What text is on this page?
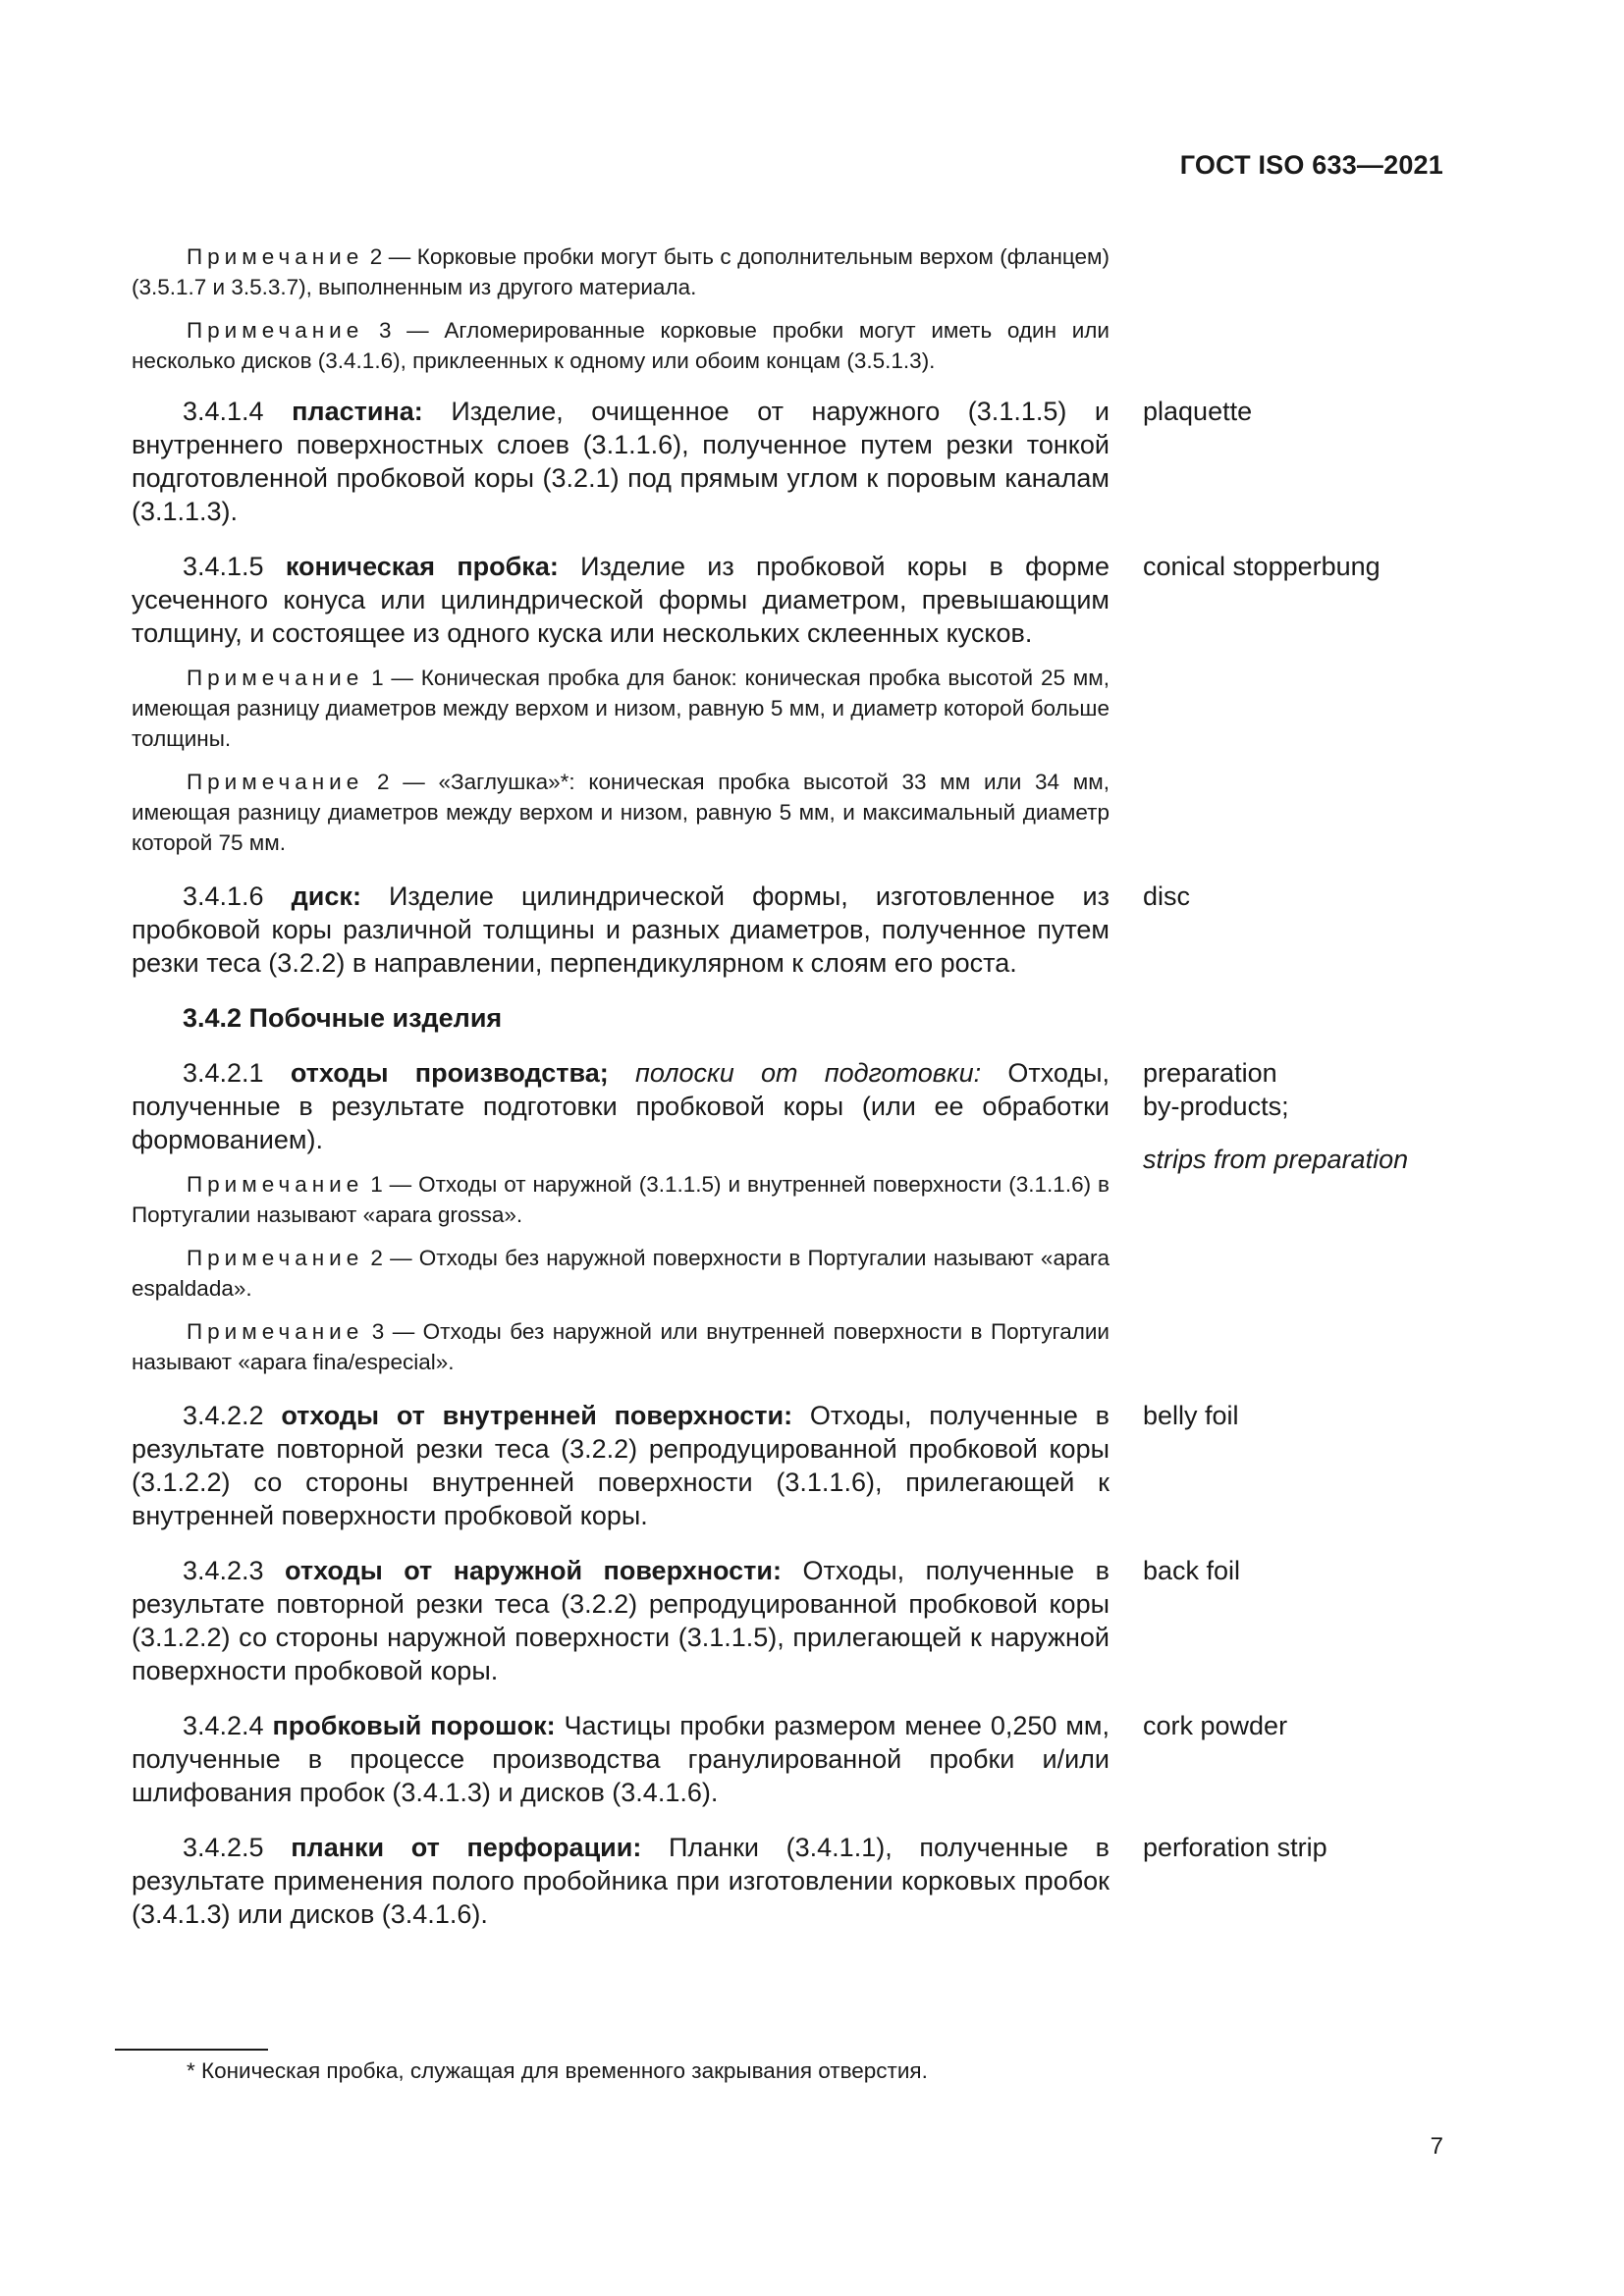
ГОСТ ISO 633—2021

Примечание 2 — Корковые пробки могут быть с дополнительным верхом (фланцем) (3.5.1.7 и 3.5.3.7), выполненным из другого материала.

Примечание 3 — Агломерированные корковые пробки могут иметь один или несколько дисков (3.4.1.6), приклеенных к одному или обоим концам (3.5.1.3).

3.4.1.4 пластина: Изделие, очищенное от наружного (3.1.1.5) и внутреннего поверхностных слоев (3.1.1.6), полученное путем резки тонкой подготовленной пробковой коры (3.2.1) под прямым углом к поровым каналам (3.1.1.3).

plaquette

3.4.1.5 коническая пробка: Изделие из пробковой коры в форме усеченного конуса или цилиндрической формы диаметром, превышающим толщину, и состоящее из одного куска или нескольких склеенных кусков.

Примечание 1 — Коническая пробка для банок: коническая пробка высотой 25 мм, имеющая разницу диаметров между верхом и низом, равную 5 мм, и диаметр которой больше толщины.

Примечание 2 — «Заглушка»*: коническая пробка высотой 33 мм или 34 мм, имеющая разницу диаметров между верхом и низом, равную 5 мм, и максимальный диаметр которой 75 мм.

conical stopperbung

3.4.1.6 диск: Изделие цилиндрической формы, изготовленное из пробковой коры различной толщины и разных диаметров, полученное путем резки теса (3.2.2) в направлении, перпендикулярном к слоям его роста.

disc

3.4.2 Побочные изделия

3.4.2.1 отходы производства; полоски от подготовки: Отходы, полученные в результате подготовки пробковой коры (или ее обработки формованием).

Примечание 1 — Отходы от наружной (3.1.1.5) и внутренней поверхности (3.1.1.6) в Португалии называют «apara grossa».

Примечание 2 — Отходы без наружной поверхности в Португалии называют «apara espaldada».

Примечание 3 — Отходы без наружной или внутренней поверхности в Португалии называют «apara fina/especial».

preparation
by-products;
strips from preparation

3.4.2.2 отходы от внутренней поверхности: Отходы, полученные в результате повторной резки теса (3.2.2) репродуцированной пробковой коры (3.1.2.2) со стороны внутренней поверхности (3.1.1.6), прилегающей к внутренней поверхности пробковой коры.

belly foil

3.4.2.3 отходы от наружной поверхности: Отходы, полученные в результате повторной резки теса (3.2.2) репродуцированной пробковой коры (3.1.2.2) со стороны наружной поверхности (3.1.1.5), прилегающей к наружной поверхности пробковой коры.

back foil

3.4.2.4 пробковый порошок: Частицы пробки размером менее 0,250 мм, полученные в процессе производства гранулированной пробки и/или шлифования пробок (3.4.1.3) и дисков (3.4.1.6).

cork powder

3.4.2.5 планки от перфорации: Планки (3.4.1.1), полученные в результате применения полого пробойника при изготовлении корковых пробок (3.4.1.3) или дисков (3.4.1.6).

perforation strip
* Коническая пробка, служащая для временного закрывания отверстия.
7
